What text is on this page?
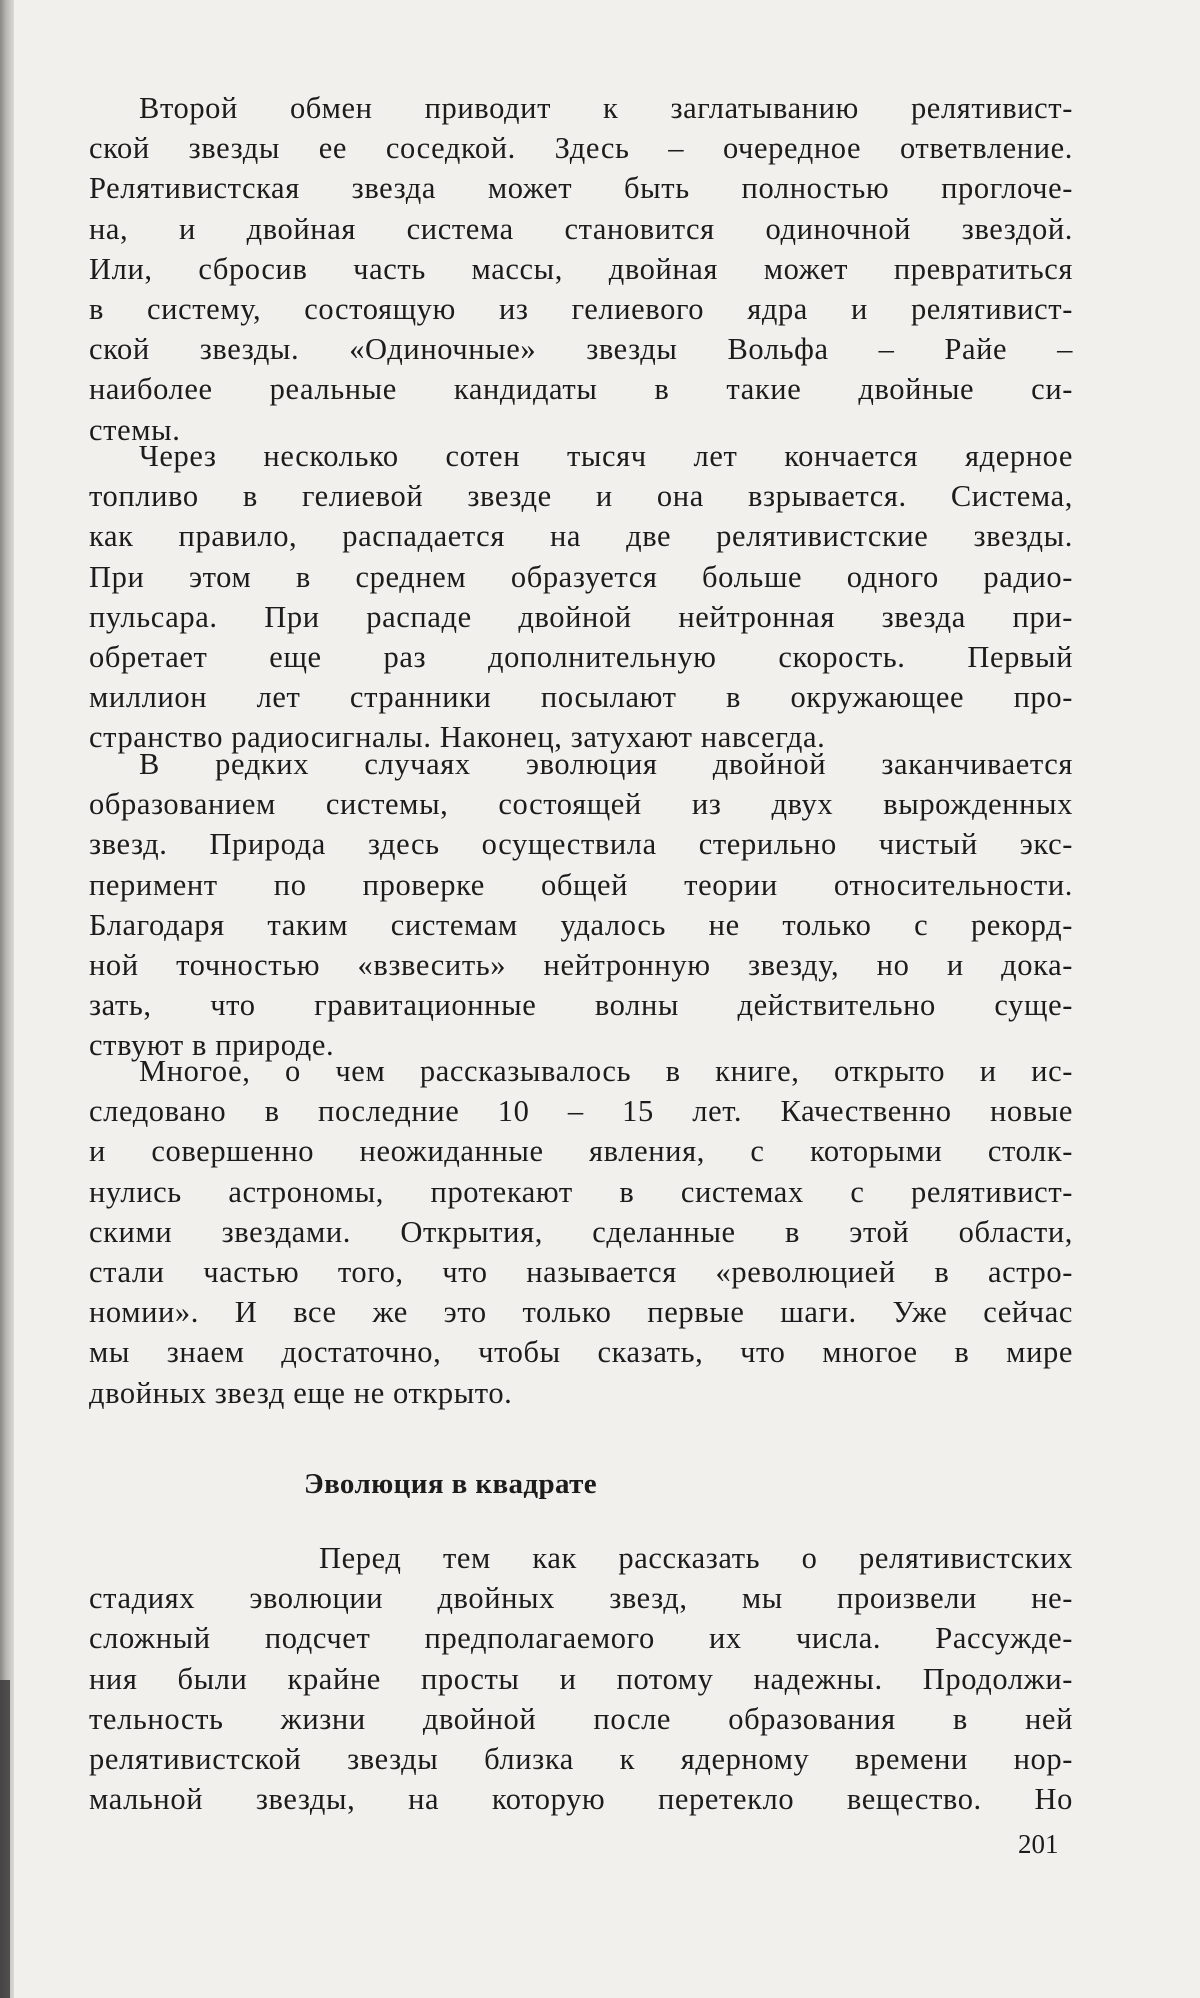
Второй обмен приводит к заглатыванию релятивист-
ской звезды ее соседкой. Здесь – очередное ответвление.
Релятивистская звезда может быть полностью проглоче-
на, и двойная система становится одиночной звездой.
Или, сбросив часть массы, двойная может превратиться
в систему, состоящую из гелиевого ядра и релятивист-
ской звезды. «Одиночные» звезды Вольфа – Райе –
наиболее реальные кандидаты в такие двойные си-
стемы.
Через несколько сотен тысяч лет кончается ядерное
топливо в гелиевой звезде и она взрывается. Система,
как правило, распадается на две релятивистские звезды.
При этом в среднем образуется больше одного радио-
пульсара. При распаде двойной нейтронная звезда при-
обретает еще раз дополнительную скорость. Первый
миллион лет странники посылают в окружающее про-
странство радиосигналы. Наконец, затухают навсегда.
В редких случаях эволюция двойной заканчивается
образованием системы, состоящей из двух вырожденных
звезд. Природа здесь осуществила стерильно чистый экс-
перимент по проверке общей теории относительности.
Благодаря таким системам удалось не только с рекорд-
ной точностью «взвесить» нейтронную звезду, но и дока-
зать, что гравитационные волны действительно суще-
ствуют в природе.
Многое, о чем рассказывалось в книге, открыто и ис-
следовано в последние 10 – 15 лет. Качественно новые
и совершенно неожиданные явления, с которыми столк-
нулись астрономы, протекают в системах с релятивист-
скими звездами. Открытия, сделанные в этой области,
стали частью того, что называется «революцией в астро-
номии». И все же это только первые шаги. Уже сейчас
мы знаем достаточно, чтобы сказать, что многое в мире
двойных звезд еще не открыто.
Эволюция в квадрате
Перед тем как рассказать о релятивистских
стадиях эволюции двойных звезд, мы произвели не-
сложный подсчет предполагаемого их числа. Рассужде-
ния были крайне просты и потому надежны. Продолжи-
тельность жизни двойной после образования в ней
релятивистской звезды близка к ядерному времени нор-
мальной звезды, на которую перетекло вещество. Но
201
